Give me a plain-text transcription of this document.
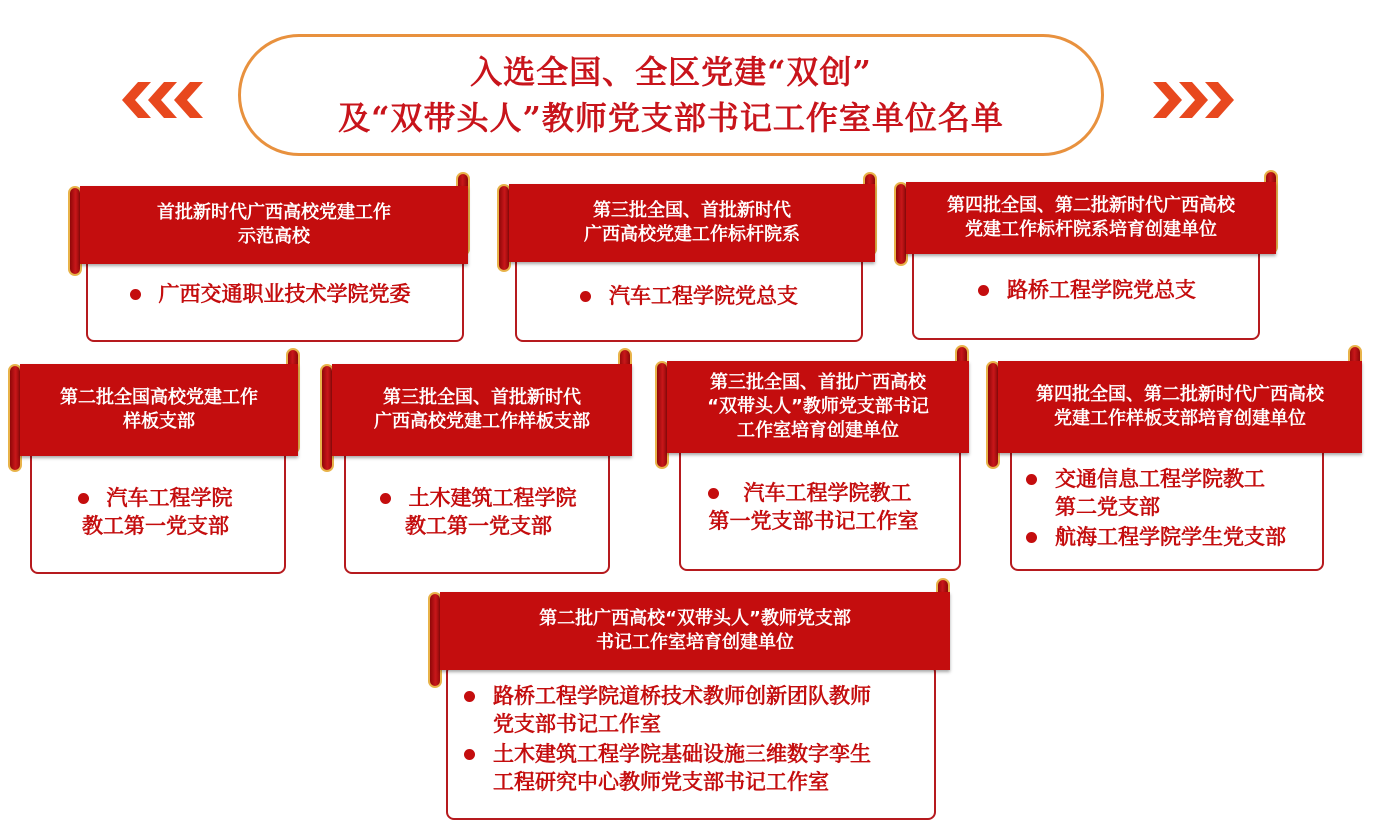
入选全国、全区党建“双创”
及“双带头人”教师党支部书记工作室单位名单
首批新时代广西高校党建工作
示范高校
广西交通职业技术学院党委
第三批全国、首批新时代
广西高校党建工作标杆院系
汽车工程学院党总支
第四批全国、第二批新时代广西高校
党建工作标杆院系培育创建单位
路桥工程学院党总支
第二批全国高校党建工作
样板支部
汽车工程学院
教工第一党支部
第三批全国、首批新时代
广西高校党建工作样板支部
土木建筑工程学院
教工第一党支部
第三批全国、首批广西高校
“双带头人”教师党支部书记
工作室培育创建单位
汽车工程学院教工
第一党支部书记工作室
第四批全国、第二批新时代广西高校
党建工作样板支部培育创建单位
交通信息工程学院教工
第二党支部
航海工程学院学生党支部
第二批广西高校“双带头人”教师党支部
书记工作室培育创建单位
路桥工程学院道桥技术教师创新团队教师
党支部书记工作室
土木建筑工程学院基础设施三维数字孪生
工程研究中心教师党支部书记工作室
